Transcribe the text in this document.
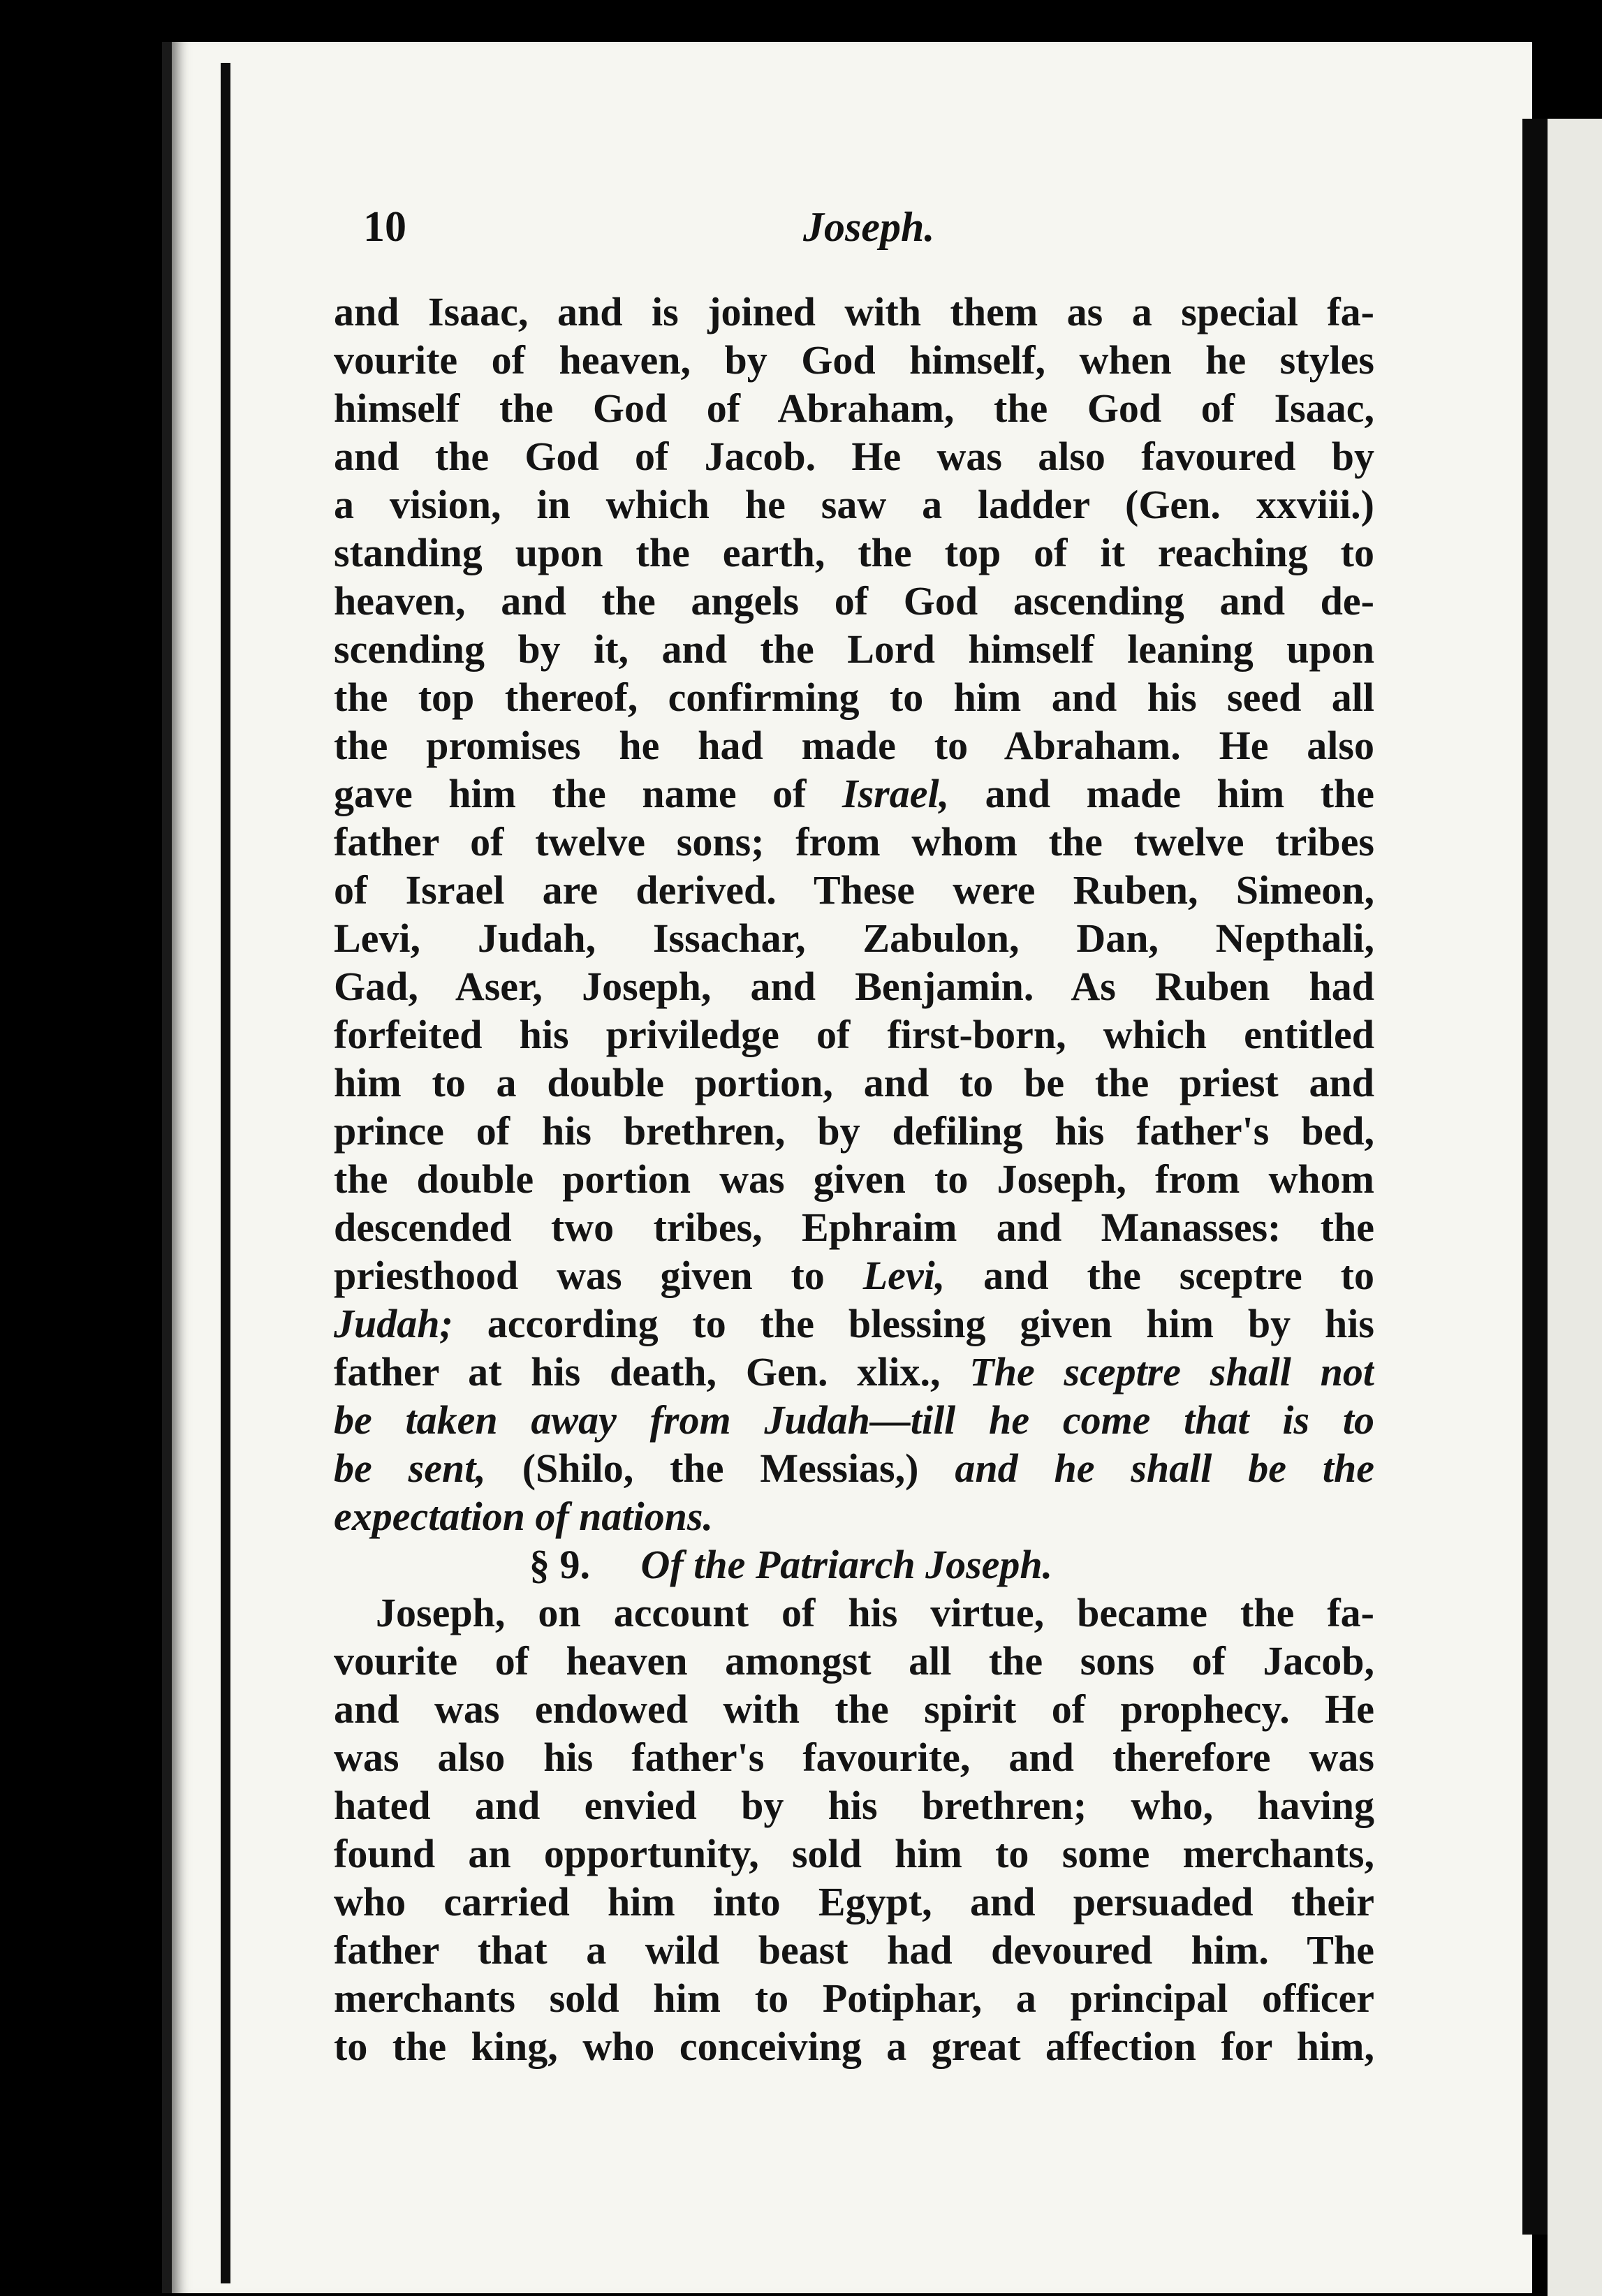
10	Joseph.
and Isaac, and is joined with them as a special fa-
vourite of heaven, by God himself, when he styles
himself the God of Abraham, the God of Isaac,
and the God of Jacob. He was also favoured by
a vision, in which he saw a ladder (Gen. xxviii.)
standing upon the earth, the top of it reaching to
heaven, and the angels of God ascending and de-
scending by it, and the Lord himself leaning upon
the top thereof, confirming to him and his seed all
the promises he had made to Abraham. He also
gave him the name of Israel, and made him the
father of twelve sons; from whom the twelve tribes
of Israel are derived. These were Ruben, Simeon,
Levi, Judah, Issachar, Zabulon, Dan, Nepthali,
Gad, Aser, Joseph, and Benjamin. As Ruben had
forfeited his priviledge of first-born, which entitled
him to a double portion, and to be the priest and
prince of his brethren, by defiling his father's bed,
the double portion was given to Joseph, from whom
descended two tribes, Ephraim and Manasses: the
priesthood was given to Levi, and the sceptre to
Judah; according to the blessing given him by his
father at his death, Gen. xlix., The sceptre shall not
be taken away from Judah—till he come that is to
be sent, (Shilo, the Messias,) and he shall be the
expectation of nations.
§ 9. Of the Patriarch Joseph.
Joseph, on account of his virtue, became the fa-
vourite of heaven amongst all the sons of Jacob,
and was endowed with the spirit of prophecy. He
was also his father's favourite, and therefore was
hated and envied by his brethren; who, having
found an opportunity, sold him to some merchants,
who carried him into Egypt, and persuaded their
father that a wild beast had devoured him. The
merchants sold him to Potiphar, a principal officer
to the king, who conceiving a great affection for him,
